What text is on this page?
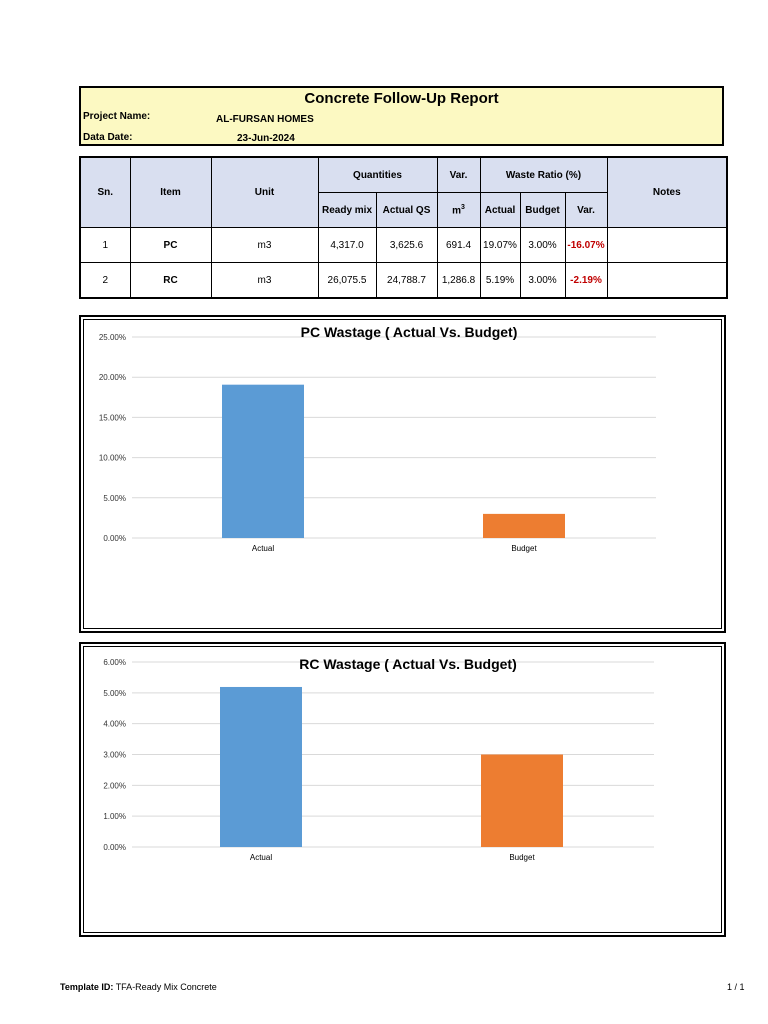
Concrete Follow-Up Report
Project Name:	AL-FURSAN HOMES
Data Date:	23-Jun-2024
Sn.	Item	Unit	Quantities		Var.	Waste Ratio (%)			Notes
			Ready mix	Actual QS	$m^3$	Actual	Budget	Var.	
1	PC	m3	4,317.0	3,625.6	691.4	19.07%	3.00%	-16.07%	
2	RC	m3	26,075.5	24,788.7	1,286.8	5.19%	3.00%	-2.19%	
0.00%
5.00%
10.00%
15.00%
20.00%
25.00%	PC Wastage ( Actual Vs. Budget)
Actual	Budget
0.00%
1.00%
2.00%
3.00%
4.00%
5.00%
6.00%	RC Wastage ( Actual Vs. Budget)
Actual	Budget
Template ID: TFA-Ready Mix Concrete	1 / 1
